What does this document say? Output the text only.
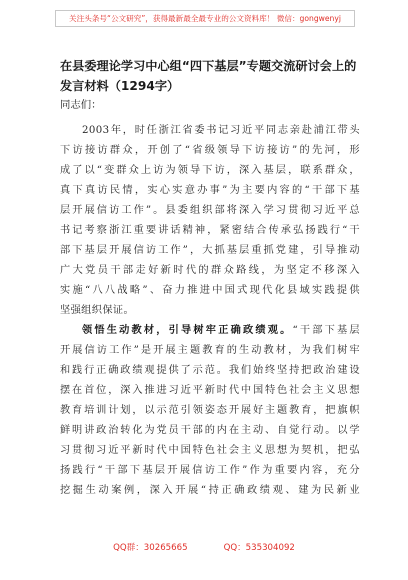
关注头条号“公文研究”，获得最新最全最专业的公文资料库！ 微信：gongwenyj
在县委理论学习中心组“四下基层”专题交流研讨会上的
发言材料（1294字）
同志们：
2003年，时任浙江省委书记习近平同志亲赴浦江带头
下访接访群众，开创了“省级领导下访接访”的先河，形
成了以“变群众上访为领导下访，深入基层，联系群众，
真下真访民情，实心实意办事”为主要内容的“干部下基
层开展信访工作”。县委组织部将深入学习贯彻习近平总
书记考察浙江重要讲话精神，紧密结合传承弘扬践行“干
部下基层开展信访工作”，大抓基层重抓党建，引导推动
广大党员干部走好新时代的群众路线，为坚定不移深入
实施“八八战略”、奋力推进中国式现代化县域实践提供
坚强组织保证。
领悟生动教材，引导树牢正确政绩观。“干部下基层
开展信访工作”是开展主题教育的生动教材，为我们树牢
和践行正确政绩观提供了示范。我们始终坚持把政治建设
摆在首位，深入推进习近平新时代中国特色社会主义思想
教育培训计划，以示范引领姿态开展好主题教育，把旗帜
鲜明讲政治转化为党员干部的内在主动、自觉行动。以学
习贯彻习近平新时代中国特色社会主义思想为契机，把弘
扬践行“干部下基层开展信访工作”作为重要内容，充分
挖掘生动案例，深入开展“持正确政绩观、建为民新业
QQ群：30265665	QQ：535304092
